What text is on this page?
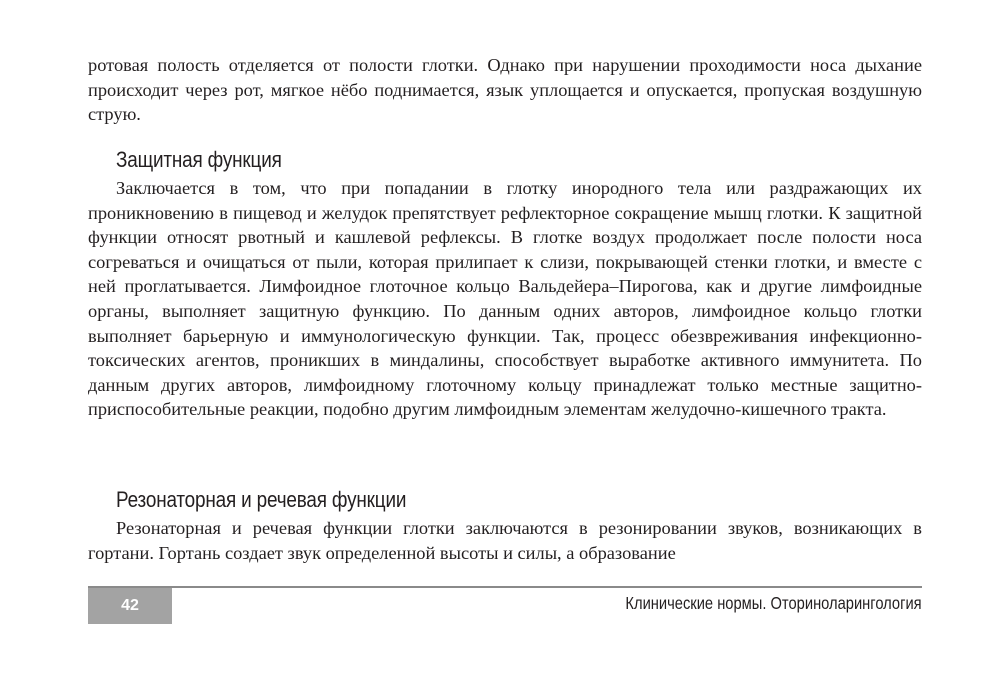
ротовая полость отделяется от полости глотки. Однако при нарушении проходимости носа дыхание происходит через рот, мягкое нёбо поднимается, язык уплощается и опускается, пропуская воздушную струю.

Защитная функция

Заключается в том, что при попадании в глотку инородного тела или раздражающих их проникновению в пищевод и желудок препятствует рефлекторное сокращение мышц глотки. К защитной функции относят рвотный и кашлевой рефлексы. В глотке воздух продолжает после полости носа согреваться и очищаться от пыли, которая прилипает к слизи, покрывающей стенки глотки, и вместе с ней проглатывается. Лимфоидное глоточное кольцо Вальдейера–Пирогова, как и другие лимфоидные органы, выполняет защитную функцию. По данным одних авторов, лимфоидное кольцо глотки выполняет барьерную и иммунологическую функции. Так, процесс обезвреживания инфекционно-токсических агентов, проникших в миндалины, способствует выработке активного иммунитета. По данным других авторов, лимфоидному глоточному кольцу принадлежат только местные защитно-приспособительные реакции, подобно другим лимфоидным элементам желудочно-кишечного тракта.

Резонаторная и речевая функции

Резонаторная и речевая функции глотки заключаются в резонировании звуков, возникающих в гортани. Гортань создает звук определенной высоты и силы, а образование

42	Клинические нормы. Оториноларингология
